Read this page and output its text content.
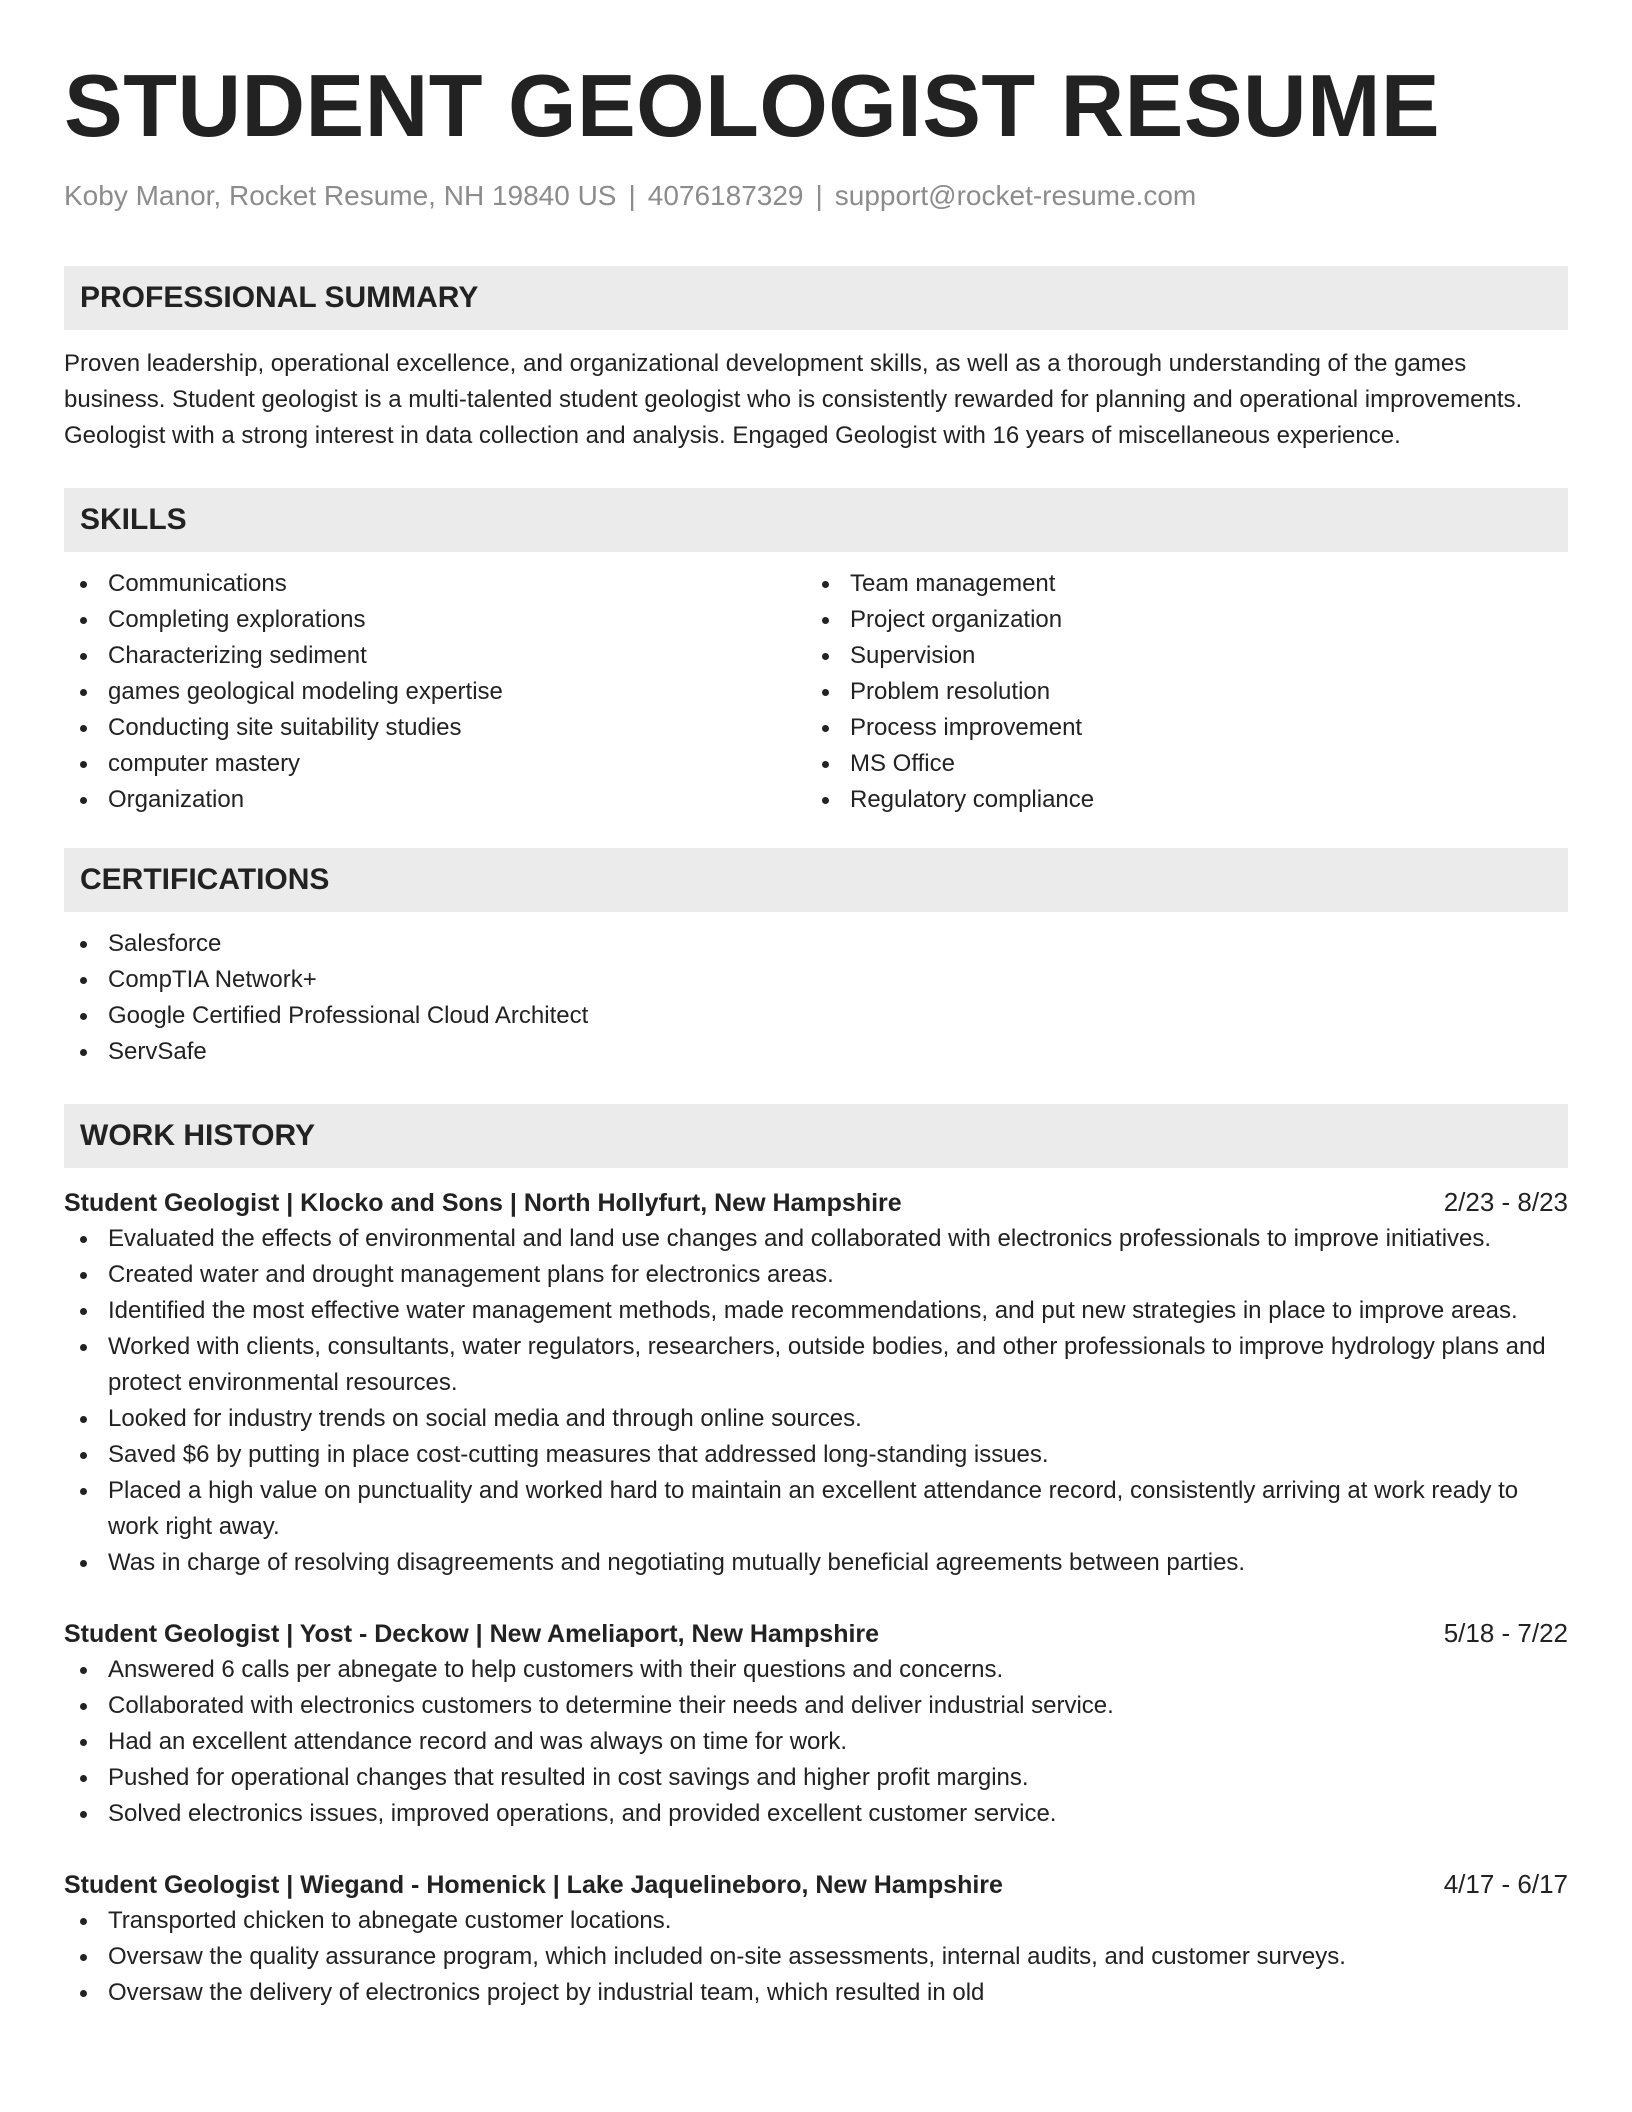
STUDENT GEOLOGIST RESUME
Koby Manor, Rocket Resume, NH 19840 US | 4076187329 | support@rocket-resume.com
PROFESSIONAL SUMMARY

Proven leadership, operational excellence, and organizational development skills, as well as a thorough understanding of the games business. Student geologist is a multi-talented student geologist who is consistently rewarded for planning and operational improvements. Geologist with a strong interest in data collection and analysis. Engaged Geologist with 16 years of miscellaneous experience.

SKILLS
Communications
Completing explorations
Characterizing sediment
games geological modeling expertise
Conducting site suitability studies
computer mastery
Organization
Team management
Project organization
Supervision
Problem resolution
Process improvement
MS Office
Regulatory compliance
CERTIFICATIONS
Salesforce
CompTIA Network+
Google Certified Professional Cloud Architect
ServSafe
WORK HISTORY
Student Geologist | Klocko and Sons | North Hollyfurt, New Hampshire	2/23 - 8/23
Evaluated the effects of environmental and land use changes and collaborated with electronics professionals to improve initiatives.
Created water and drought management plans for electronics areas.
Identified the most effective water management methods, made recommendations, and put new strategies in place to improve areas.
Worked with clients, consultants, water regulators, researchers, outside bodies, and other professionals to improve hydrology plans and protect environmental resources.
Looked for industry trends on social media and through online sources.
Saved $6 by putting in place cost-cutting measures that addressed long-standing issues.
Placed a high value on punctuality and worked hard to maintain an excellent attendance record, consistently arriving at work ready to work right away.
Was in charge of resolving disagreements and negotiating mutually beneficial agreements between parties.
Student Geologist | Yost - Deckow | New Ameliaport, New Hampshire	5/18 - 7/22
Answered 6 calls per abnegate to help customers with their questions and concerns.
Collaborated with electronics customers to determine their needs and deliver industrial service.
Had an excellent attendance record and was always on time for work.
Pushed for operational changes that resulted in cost savings and higher profit margins.
Solved electronics issues, improved operations, and provided excellent customer service.
Student Geologist | Wiegand - Homenick | Lake Jaquelineboro, New Hampshire	4/17 - 6/17
Transported chicken to abnegate customer locations.
Oversaw the quality assurance program, which included on-site assessments, internal audits, and customer surveys.
Oversaw the delivery of electronics project by industrial team, which resulted in old
